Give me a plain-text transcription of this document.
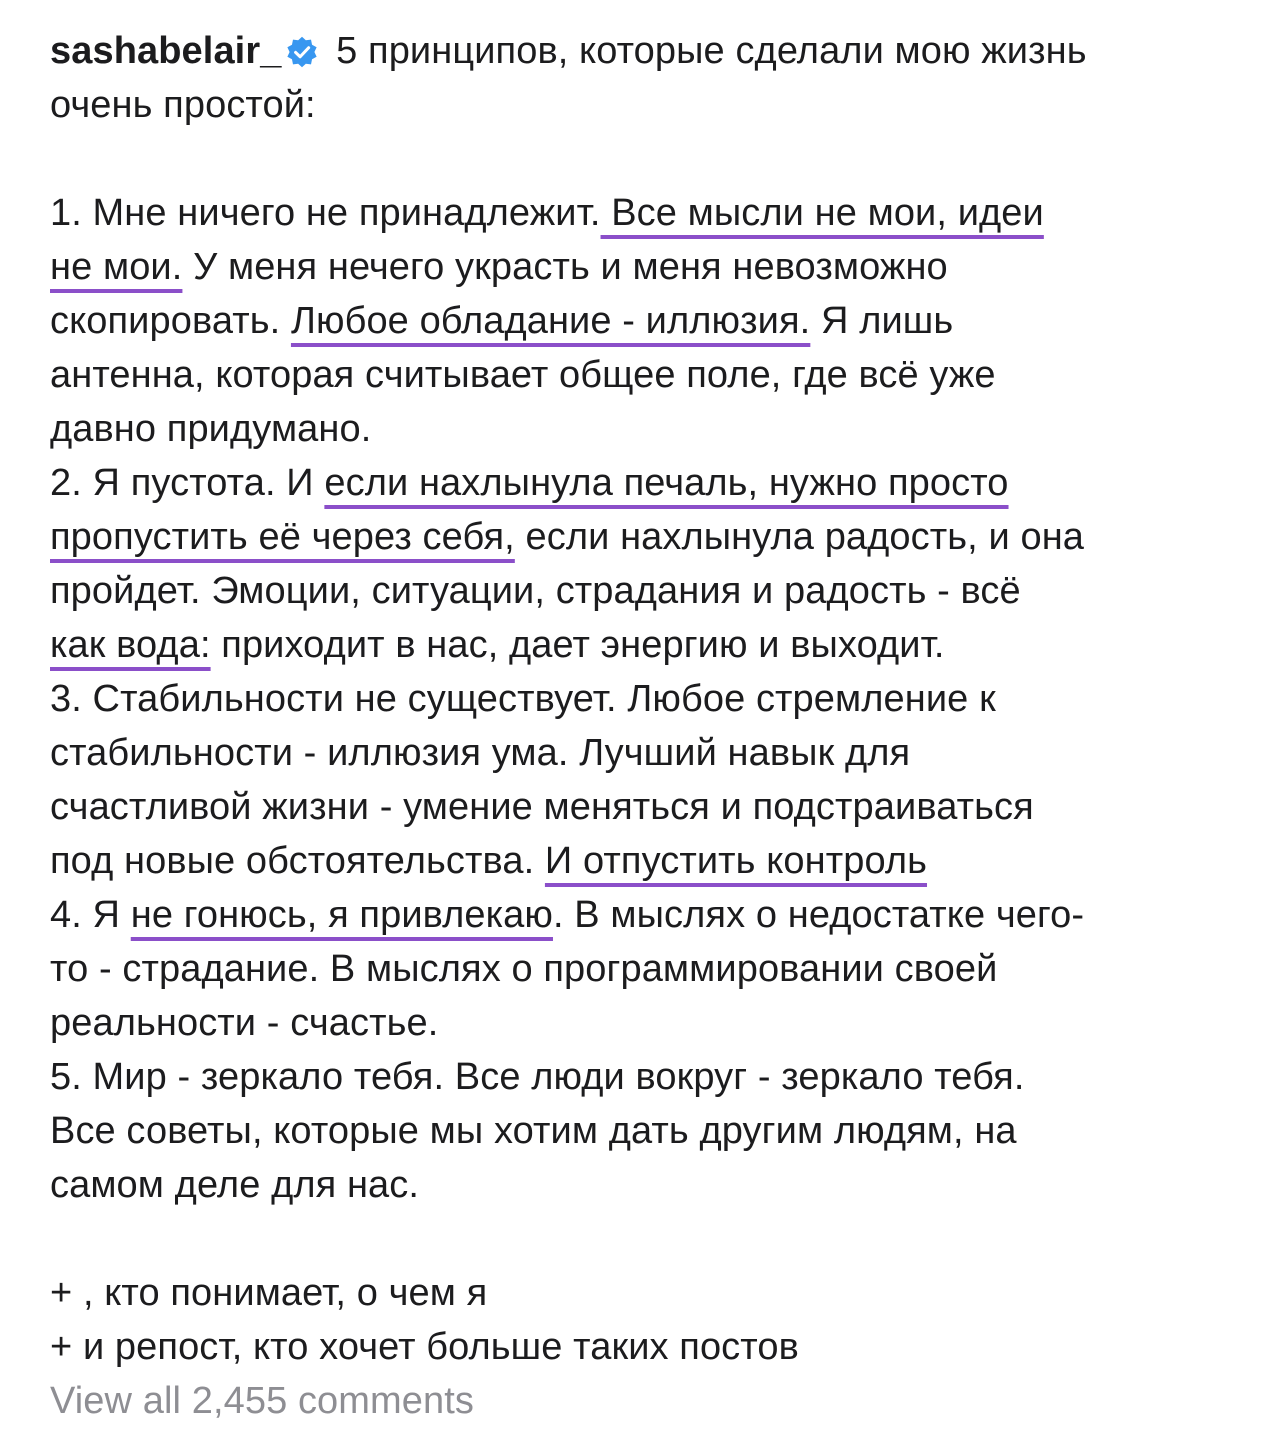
sashabelair_ 5 принципов, которые сделали мою жизнь
очень простой:
1. Мне ничего не принадлежит. Все мысли не мои, идеи
не мои. У меня нечего украсть и меня невозможно
скопировать. Любое обладание - иллюзия. Я лишь
антенна, которая считывает общее поле, где всё уже
давно придумано.
2. Я пустота. И если нахлынула печаль, нужно просто
пропустить её через себя, если нахлынула радость, и она
пройдет. Эмоции, ситуации, страдания и радость - всё
как вода: приходит в нас, дает энергию и выходит.
3. Стабильности не существует. Любое стремление к
стабильности - иллюзия ума. Лучший навык для
счастливой жизни - умение меняться и подстраиваться
под новые обстоятельства. И отпустить контроль
4. Я не гонюсь, я привлекаю. В мыслях о недостатке чего-
то - страдание. В мыслях о программировании своей
реальности - счастье.
5. Мир - зеркало тебя. Все люди вокруг - зеркало тебя.
Все советы, которые мы хотим дать другим людям, на
самом деле для нас.
+ , кто понимает, о чем я
+ и репост, кто хочет больше таких постов
View all 2,455 comments
